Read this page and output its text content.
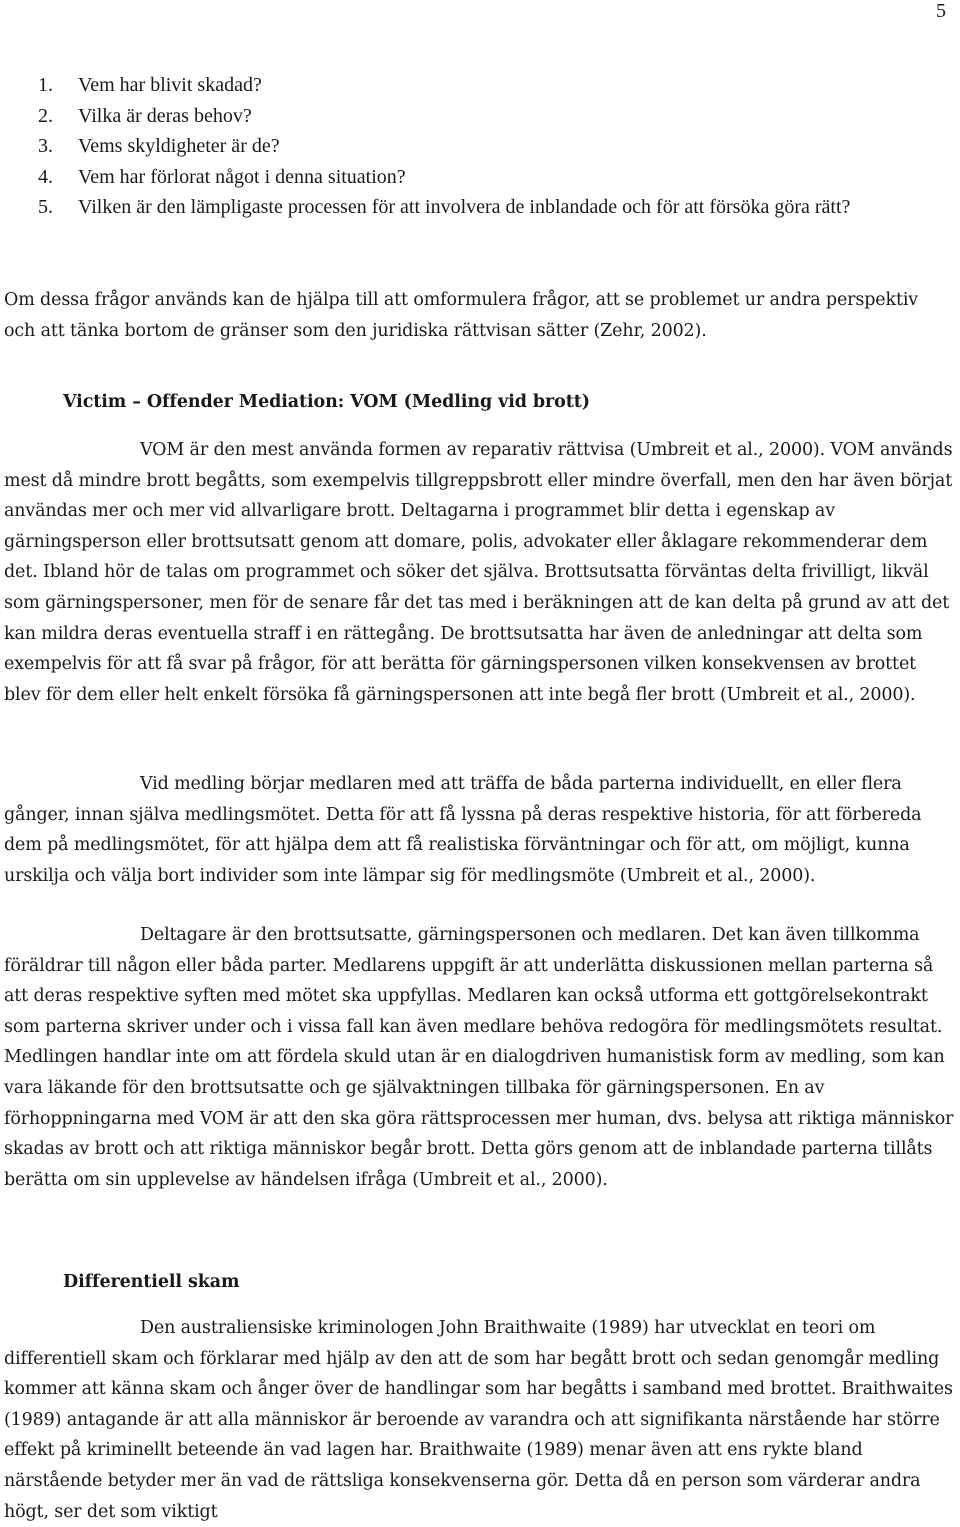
5
1. Vem har blivit skadad?
2. Vilka är deras behov?
3. Vems skyldigheter är de?
4. Vem har förlorat något i denna situation?
5. Vilken är den lämpligaste processen för att involvera de inblandade och för att försöka göra rätt?

Om dessa frågor används kan de hjälpa till att omformulera frågor, att se problemet ur andra perspektiv och att tänka bortom de gränser som den juridiska rättvisan sätter (Zehr, 2002).

Victim – Offender Mediation: VOM (Medling vid brott)

VOM är den mest använda formen av reparativ rättvisa (Umbreit et al., 2000). VOM används mest då mindre brott begåtts, som exempelvis tillgreppsbrott eller mindre överfall, men den har även börjat användas mer och mer vid allvarligare brott. Deltagarna i programmet blir detta i egenskap av gärningsperson eller brottsutsatt genom att domare, polis, advokater eller åklagare rekommenderar dem det. Ibland hör de talas om programmet och söker det själva. Brottsutsatta förväntas delta frivilligt, likväl som gärningspersoner, men för de senare får det tas med i beräkningen att de kan delta på grund av att det kan mildra deras eventuella straff i en rättegång. De brottsutsatta har även de anledningar att delta som exempelvis för att få svar på frågor, för att berätta för gärningspersonen vilken konsekvensen av brottet blev för dem eller helt enkelt försöka få gärningspersonen att inte begå fler brott (Umbreit et al., 2000).

Vid medling börjar medlaren med att träffa de båda parterna individuellt, en eller flera gånger, innan själva medlingsmötet. Detta för att få lyssna på deras respektive historia, för att förbereda dem på medlingsmötet, för att hjälpa dem att få realistiska förväntningar och för att, om möjligt, kunna urskilja och välja bort individer som inte lämpar sig för medlingsmöte (Umbreit et al., 2000).

Deltagare är den brottsutsatte, gärningspersonen och medlaren. Det kan även tillkomma föräldrar till någon eller båda parter. Medlarens uppgift är att underlätta diskussionen mellan parterna så att deras respektive syften med mötet ska uppfyllas. Medlaren kan också utforma ett gottgörelsekontrakt som parterna skriver under och i vissa fall kan även medlare behöva redogöra för medlingsmötets resultat. Medlingen handlar inte om att fördela skuld utan är en dialogdriven humanistisk form av medling, som kan vara läkande för den brottsutsatte och ge självaktningen tillbaka för gärningspersonen. En av förhoppningarna med VOM är att den ska göra rättsprocessen mer human, dvs. belysa att riktiga människor skadas av brott och att riktiga människor begår brott. Detta görs genom att de inblandade parterna tillåts berätta om sin upplevelse av händelsen ifråga (Umbreit et al., 2000).

Differentiell skam

Den australiensiske kriminologen John Braithwaite (1989) har utvecklat en teori om differentiell skam och förklarar med hjälp av den att de som har begått brott och sedan genomgår medling kommer att känna skam och ånger över de handlingar som har begåtts i samband med brottet. Braithwaites (1989) antagande är att alla människor är beroende av varandra och att signifikanta närstående har större effekt på kriminellt beteende än vad lagen har. Braithwaite (1989) menar även att ens rykte bland närstående betyder mer än vad de rättsliga konsekvenserna gör. Detta då en person som värderar andra högt, ser det som viktigt
